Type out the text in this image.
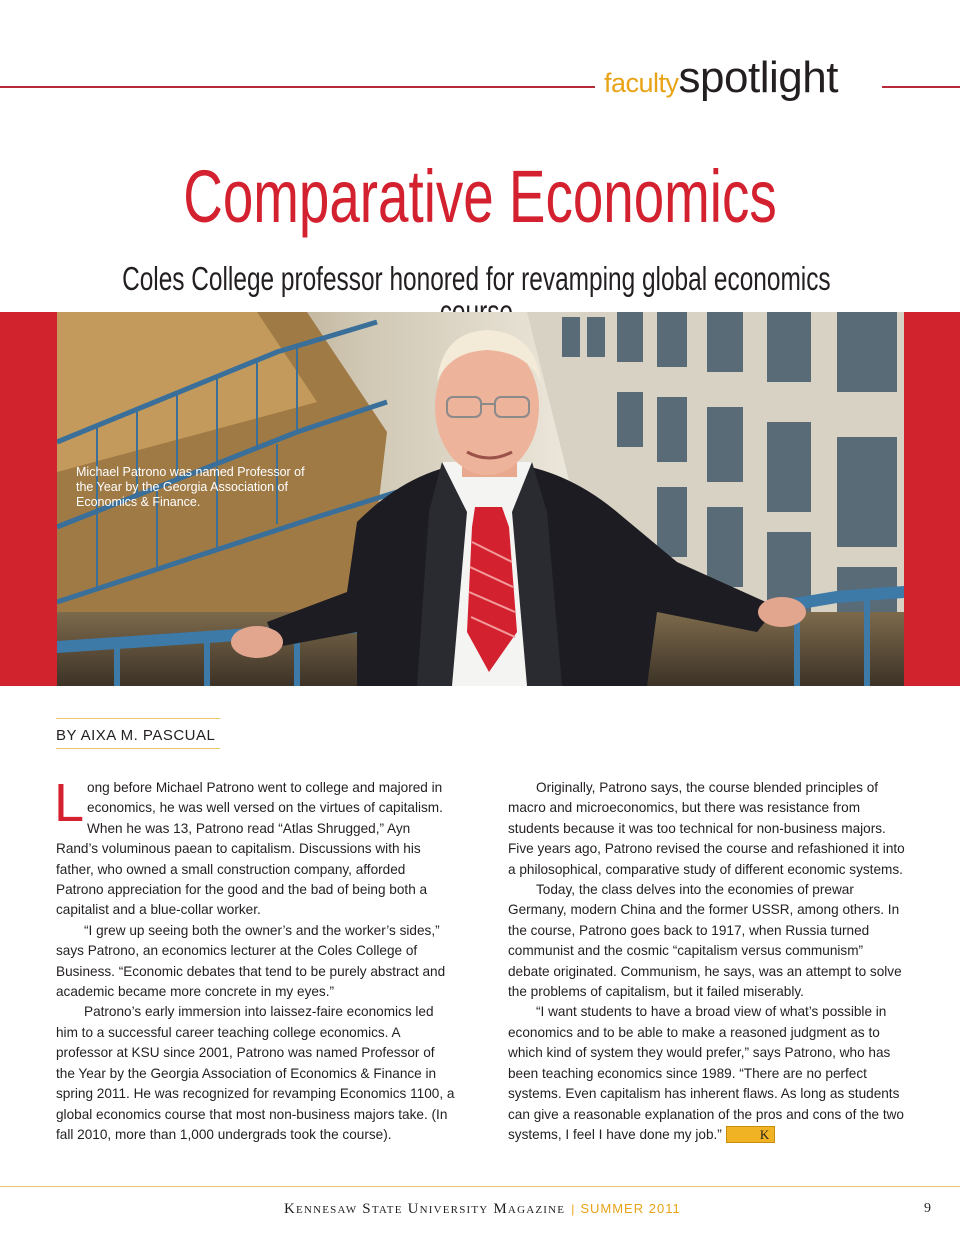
facultyspotlight
Comparative Economics
Coles College professor honored for revamping global economics
Michael Patrono was named Professor of the Year by the Georgia Association of Economics & Finance.
BY AIXA M. PASCUAL

Long before Michael Patrono went to college and majored in economics, he was well versed on the virtues of capitalism. When he was 13, Patrono read “Atlas Shrugged,” Ayn Rand’s voluminous paean to capitalism. Discussions with his father, who owned a small construction company, afforded Patrono appreciation for the good and the bad of being both a capitalist and a blue-collar worker.

“I grew up seeing both the owner’s and the worker’s sides,” says Patrono, an economics lecturer at the Coles College of Business. “Economic debates that tend to be purely abstract and academic became more concrete in my eyes.”

Patrono’s early immersion into laissez-faire economics led him to a successful career teaching college economics. A professor at KSU since 2001, Patrono was named Professor of the Year by the Georgia Association of Economics & Finance in spring 2011. He was recognized for revamping Economics 1100, a global economics course that most non-business majors take. (In fall 2010, more than 1,000 undergrads took the course).

Originally, Patrono says, the course blended principles of macro and microeconomics, but there was resistance from students because it was too technical for non-business majors. Five years ago, Patrono revised the course and refashioned it into a philosophical, comparative study of different economic systems.

Today, the class delves into the economies of prewar Germany, modern China and the former USSR, among others. In the course, Patrono goes back to 1917, when Russia turned communist and the cosmic “capitalism versus communism” debate originated. Communism, he says, was an attempt to solve the problems of capitalism, but it failed miserably.

“I want students to have a broad view of what’s possible in economics and to be able to make a reasoned judgment as to which kind of system they would prefer,” says Patrono, who has been teaching economics since 1989. “There are no perfect systems. Even capitalism has inherent flaws. As long as students can give a reasonable explanation of the pros and cons of the two systems, I feel I have done my job.”	K

Kennesaw State University Magazine | SUMMER 2011	9
